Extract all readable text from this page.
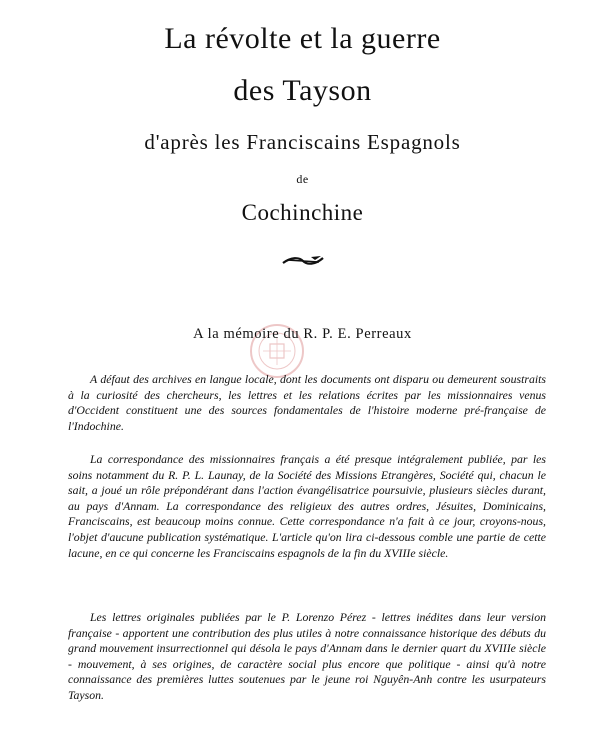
La révolte et la guerre
des Tayson
d'après les Franciscains Espagnols
de
Cochinchine
A la mémoire du R. P. E. Perreaux

A défaut des archives en langue locale, dont les documents ont disparu ou demeurent soustraits à la curiosité des chercheurs, les lettres et les relations écrites par les missionnaires venus d'Occident constituent une des sources fondamentales de l'histoire moderne pré-française de l'Indochine.

La correspondance des missionnaires français a été presque intégralement publiée, par les soins notamment du R. P. L. Launay, de la Société des Missions Etrangères, Société qui, chacun le sait, a joué un rôle prépondérant dans l'action évangélisatrice poursuivie, plusieurs siècles durant, au pays d'Annam. La correspondance des religieux des autres ordres, Jésuites, Dominicains, Franciscains, est beaucoup moins connue. Cette correspondance n'a fait à ce jour, croyons-nous, l'objet d'aucune publication systématique. L'article qu'on lira ci-dessous comble une partie de cette lacune, en ce qui concerne les Franciscains espagnols de la fin du XVIIIe siècle.

Les lettres originales publiées par le P. Lorenzo Pérez - lettres inédites dans leur version française - apportent une contribution des plus utiles à notre connaissance historique des débuts du grand mouvement insurrectionnel qui désola le pays d'Annam dans le dernier quart du XVIIIe siècle - mouvement, à ses origines, de caractère social plus encore que politique - ainsi qu'à notre connaissance des premières luttes soutenues par le jeune roi Nguyên-Anh contre les usurpateurs Tayson.
